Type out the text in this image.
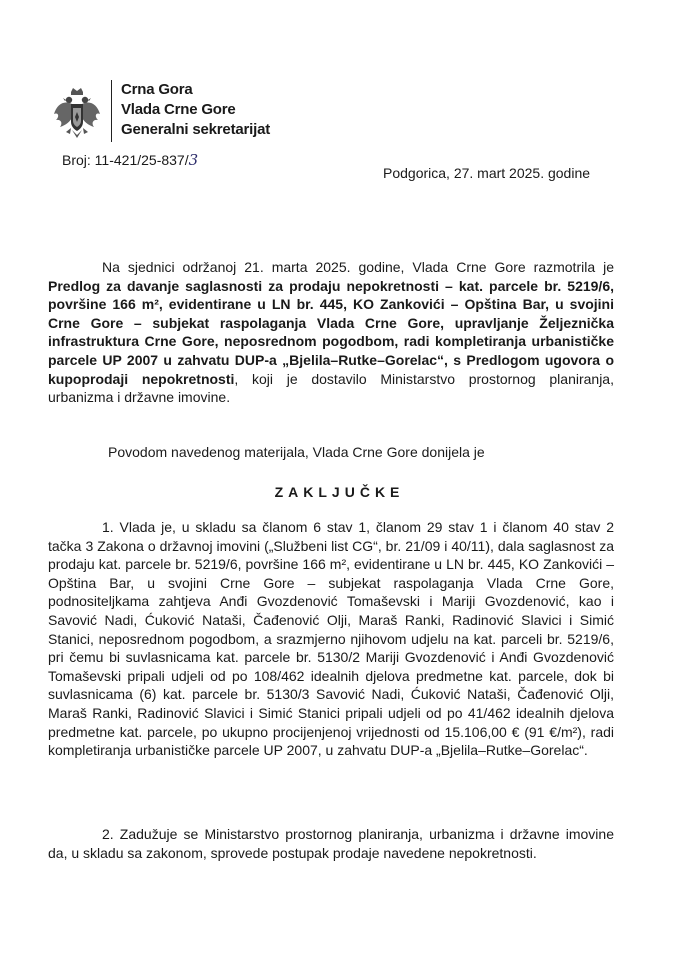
Crna Gora
Vlada Crne Gore
Generalni sekretarijat
Broj: 11-421/25-837/3
Podgorica, 27. mart 2025. godine

Na sjednici održanoj 21. marta 2025. godine, Vlada Crne Gore razmotrila je Predlog za davanje saglasnosti za prodaju nepokretnosti – kat. parcele br. 5219/6, površine 166 m², evidentirane u LN br. 445, KO Zankovići – Opština Bar, u svojini Crne Gore – subjekat raspolaganja Vlada Crne Gore, upravljanje Željeznička infrastruktura Crne Gore, neposrednom pogodbom, radi kompletiranja urbanističke parcele UP 2007 u zahvatu DUP-a „Bjelila–Rutke–Gorelac“, s Predlogom ugovora o kupoprodaji nepokretnosti, koji je dostavilo Ministarstvo prostornog planiranja, urbanizma i državne imovine.

Povodom navedenog materijala, Vlada Crne Gore donijela je
ZAKLJUČKE

1. Vlada je, u skladu sa članom 6 stav 1, članom 29 stav 1 i članom 40 stav 2 tačka 3 Zakona o državnoj imovini („Službeni list CG“, br. 21/09 i 40/11), dala saglasnost za prodaju kat. parcele br. 5219/6, površine 166 m², evidentirane u LN br. 445, KO Zankovići – Opština Bar, u svojini Crne Gore – subjekat raspolaganja Vlada Crne Gore, podnositeljkama zahtjeva Anđi Gvozdenović Tomaševski i Mariji Gvozdenović, kao i Savović Nadi, Ćuković Nataši, Čađenović Olji, Maraš Ranki, Radinović Slavici i Simić Stanici, neposrednom pogodbom, a srazmjerno njihovom udjelu na kat. parceli br. 5219/6, pri čemu bi suvlasnicama kat. parcele br. 5130/2 Mariji Gvozdenović i Anđi Gvozdenović Tomaševski pripali udjeli od po 108/462 idealnih djelova predmetne kat. parcele, dok bi suvlasnicama (6) kat. parcele br. 5130/3 Savović Nadi, Ćuković Nataši, Čađenović Olji, Maraš Ranki, Radinović Slavici i Simić Stanici pripali udjeli od po 41/462 idealnih djelova predmetne kat. parcele, po ukupno procijenjenoj vrijednosti od 15.106,00 € (91 €/m²), radi kompletiranja urbanističke parcele UP 2007, u zahvatu DUP-a „Bjelila–Rutke–Gorelac“.

2. Zadužuje se Ministarstvo prostornog planiranja, urbanizma i državne imovine da, u skladu sa zakonom, sprovede postupak prodaje navedene nepokretnosti.
